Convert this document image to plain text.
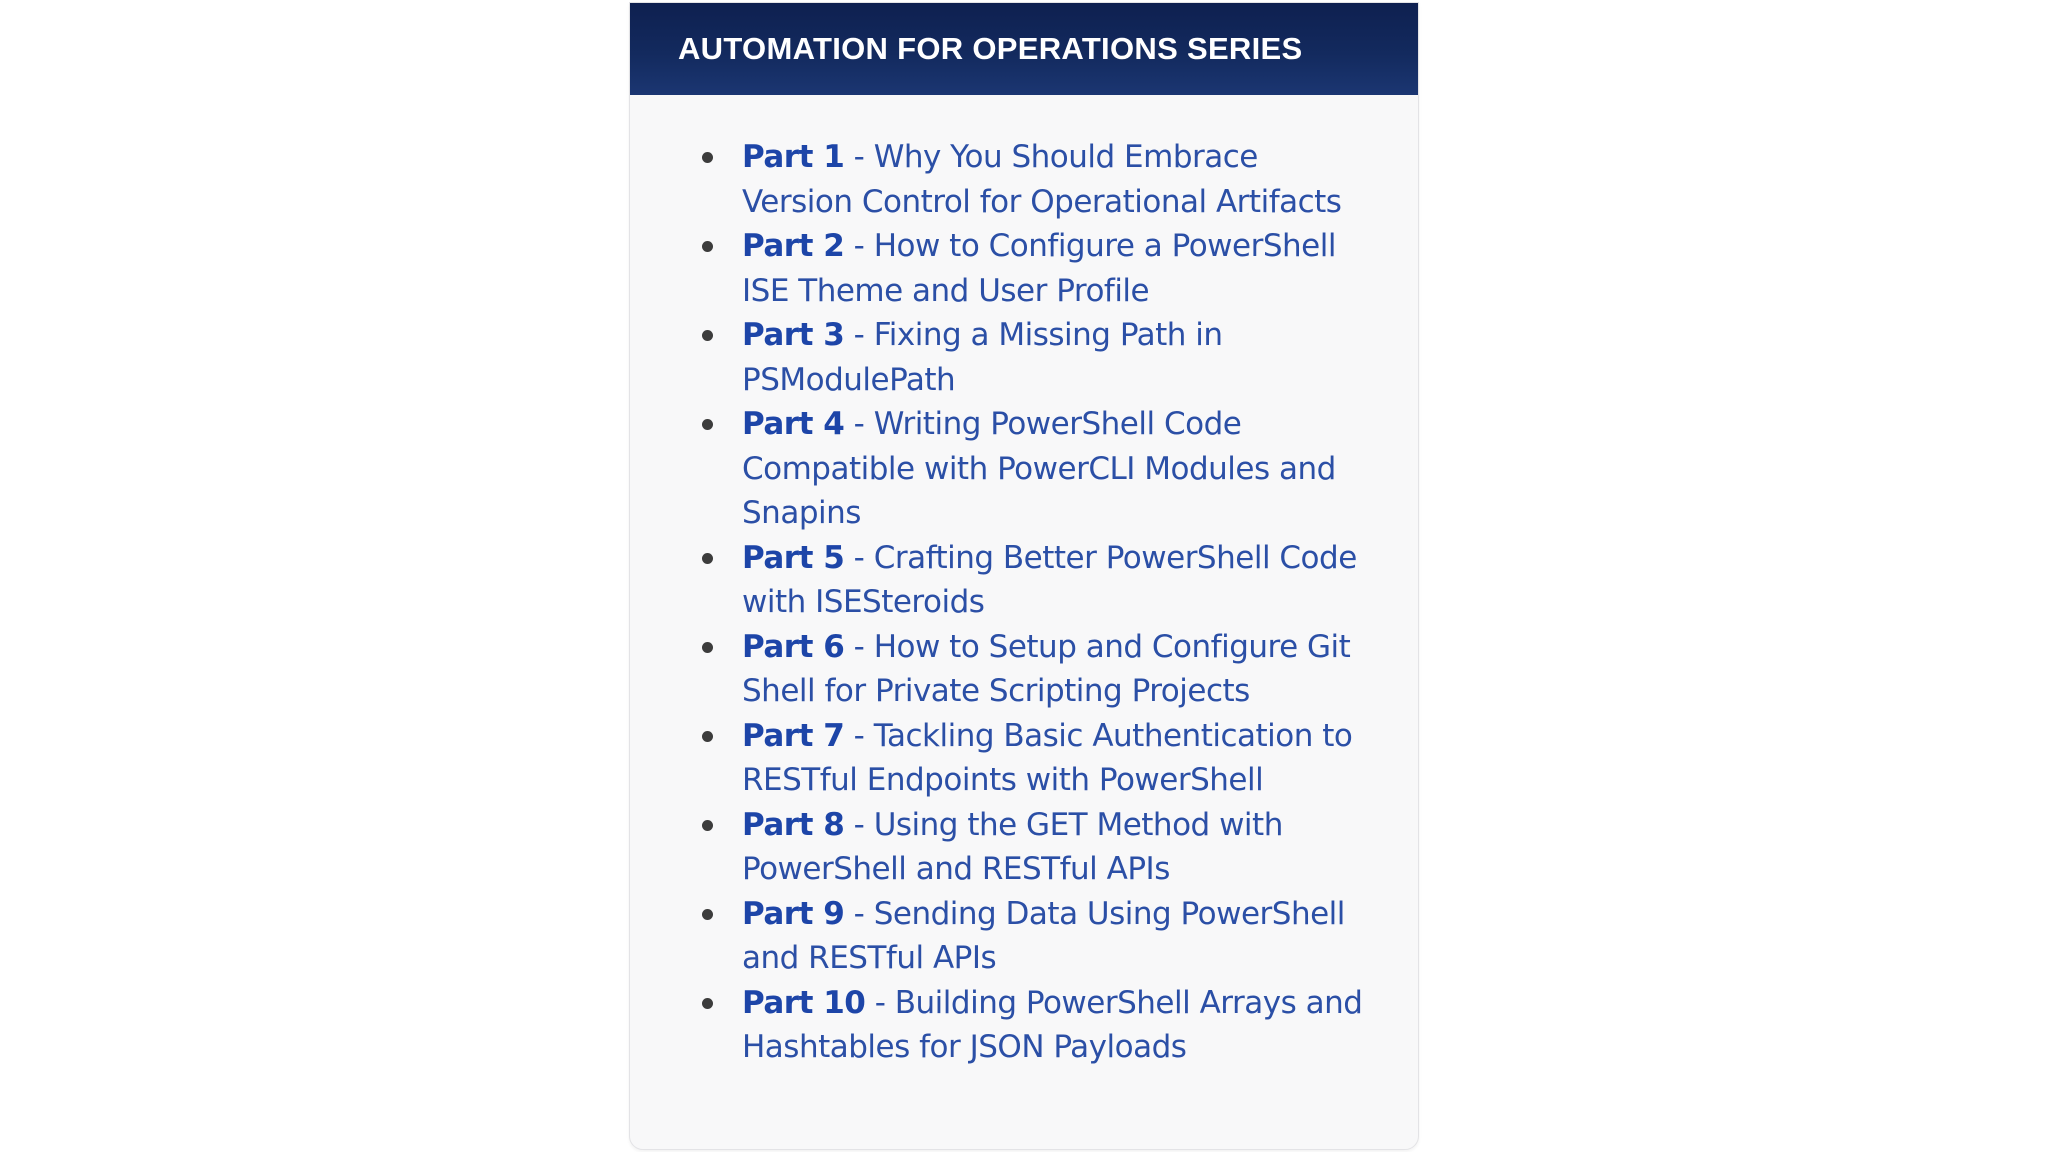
AUTOMATION FOR OPERATIONS SERIES
Part 1 - Why You Should Embrace Version Control for Operational Artifacts
Part 2 - How to Configure a PowerShell ISE Theme and User Profile
Part 3 - Fixing a Missing Path in PSModulePath
Part 4 - Writing PowerShell Code Compatible with PowerCLI Modules and Snapins
Part 5 - Crafting Better PowerShell Code with ISESteroids
Part 6 - How to Setup and Configure Git Shell for Private Scripting Projects
Part 7 - Tackling Basic Authentication to RESTful Endpoints with PowerShell
Part 8 - Using the GET Method with PowerShell and RESTful APIs
Part 9 - Sending Data Using PowerShell and RESTful APIs
Part 10 - Building PowerShell Arrays and Hashtables for JSON Payloads
